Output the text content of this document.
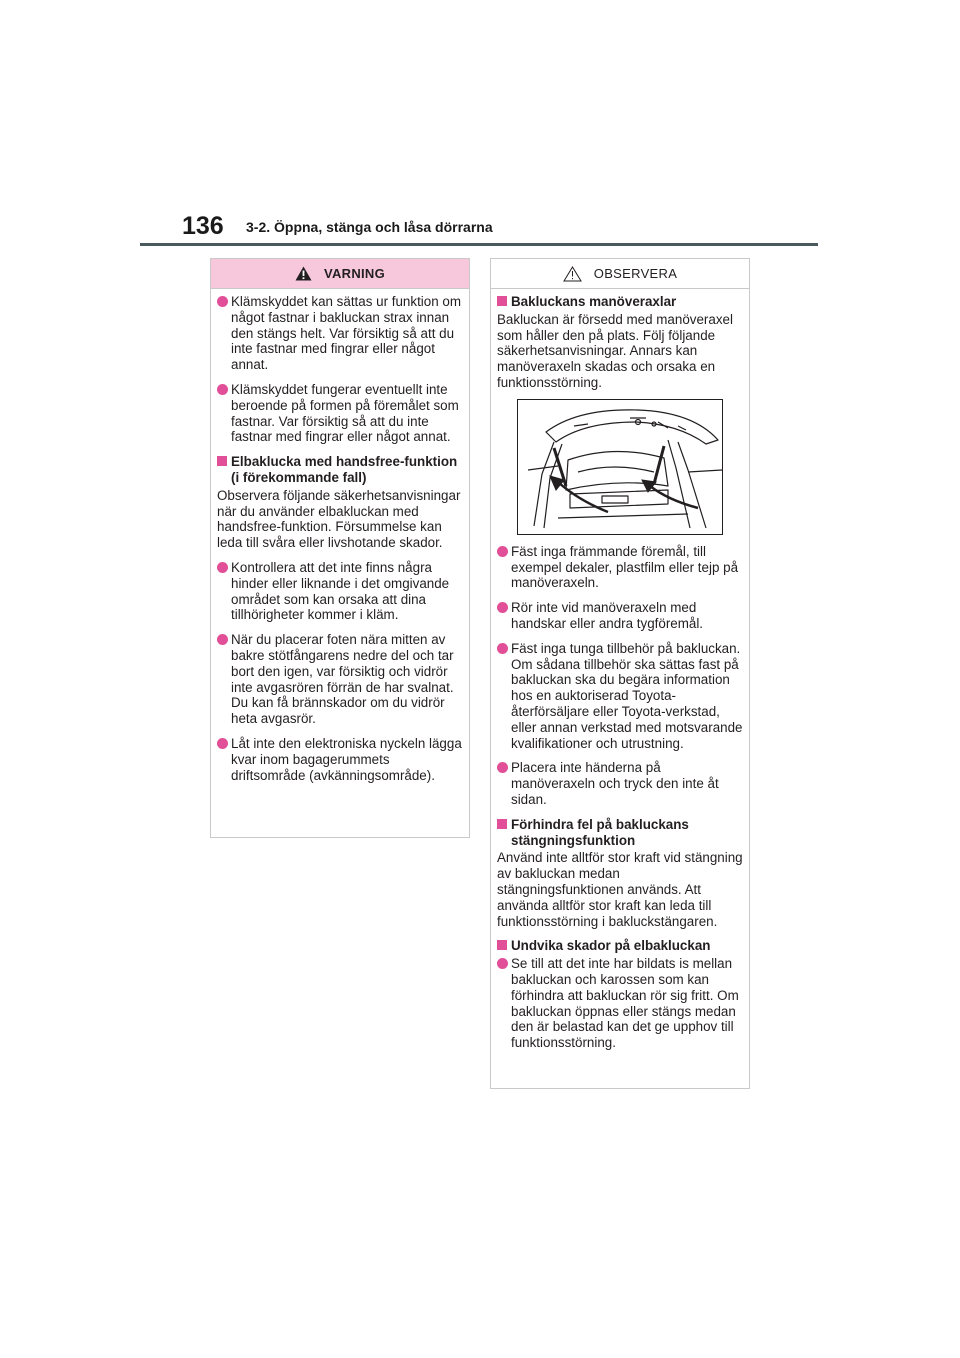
136 3-2. Öppna, stänga och låsa dörrarna
VARNING
Klämskyddet kan sättas ur funktion om något fastnar i bakluckan strax innan den stängs helt. Var försiktig så att du inte fastnar med fingrar eller något annat.
Klämskyddet fungerar eventuellt inte beroende på formen på föremålet som fastnar. Var försiktig så att du inte fastnar med fingrar eller något annat.
Elbaklucka med handsfree-funktion (i förekommande fall)
Observera följande säkerhetsanvisningar när du använder elbakluckan med handsfree-funktion. Försummelse kan leda till svåra eller livshotande skador.
Kontrollera att det inte finns några hinder eller liknande i det omgivande området som kan orsaka att dina tillhörigheter kommer i kläm.
När du placerar foten nära mitten av bakre stötfångarens nedre del och tar bort den igen, var försiktig och vidrör inte avgasrören förrän de har svalnat. Du kan få brännskador om du vidrör heta avgasrör.
Låt inte den elektroniska nyckeln lägga kvar inom bagagerummets driftsområde (avkänningsområde).
OBSERVERA
Bakluckans manöveraxlar
Bakluckan är försedd med manöveraxel som håller den på plats. Följ följande säkerhetsanvisningar. Annars kan manöveraxeln skadas och orsaka en funktionsstörning.
Fäst inga främmande föremål, till exempel dekaler, plastfilm eller tejp på manöveraxeln.
Rör inte vid manöveraxeln med handskar eller andra tygföremål.
Fäst inga tunga tillbehör på bakluckan. Om sådana tillbehör ska sättas fast på bakluckan ska du begära information hos en auktoriserad Toyota-återförsäljare eller Toyota-verkstad, eller annan verkstad med motsvarande kvalifikationer och utrustning.
Placera inte händerna på manöveraxeln och tryck den inte åt sidan.
Förhindra fel på bakluckans stängningsfunktion
Använd inte alltför stor kraft vid stängning av bakluckan medan stängningsfunktionen används. Att använda alltför stor kraft kan leda till funktionsstörning i bakluckstängaren.
Undvika skador på elbakluckan
Se till att det inte har bildats is mellan bakluckan och karossen som kan förhindra att bakluckan rör sig fritt. Om bakluckan öppnas eller stängs medan den är belastad kan det ge upphov till funktionsstörning.
